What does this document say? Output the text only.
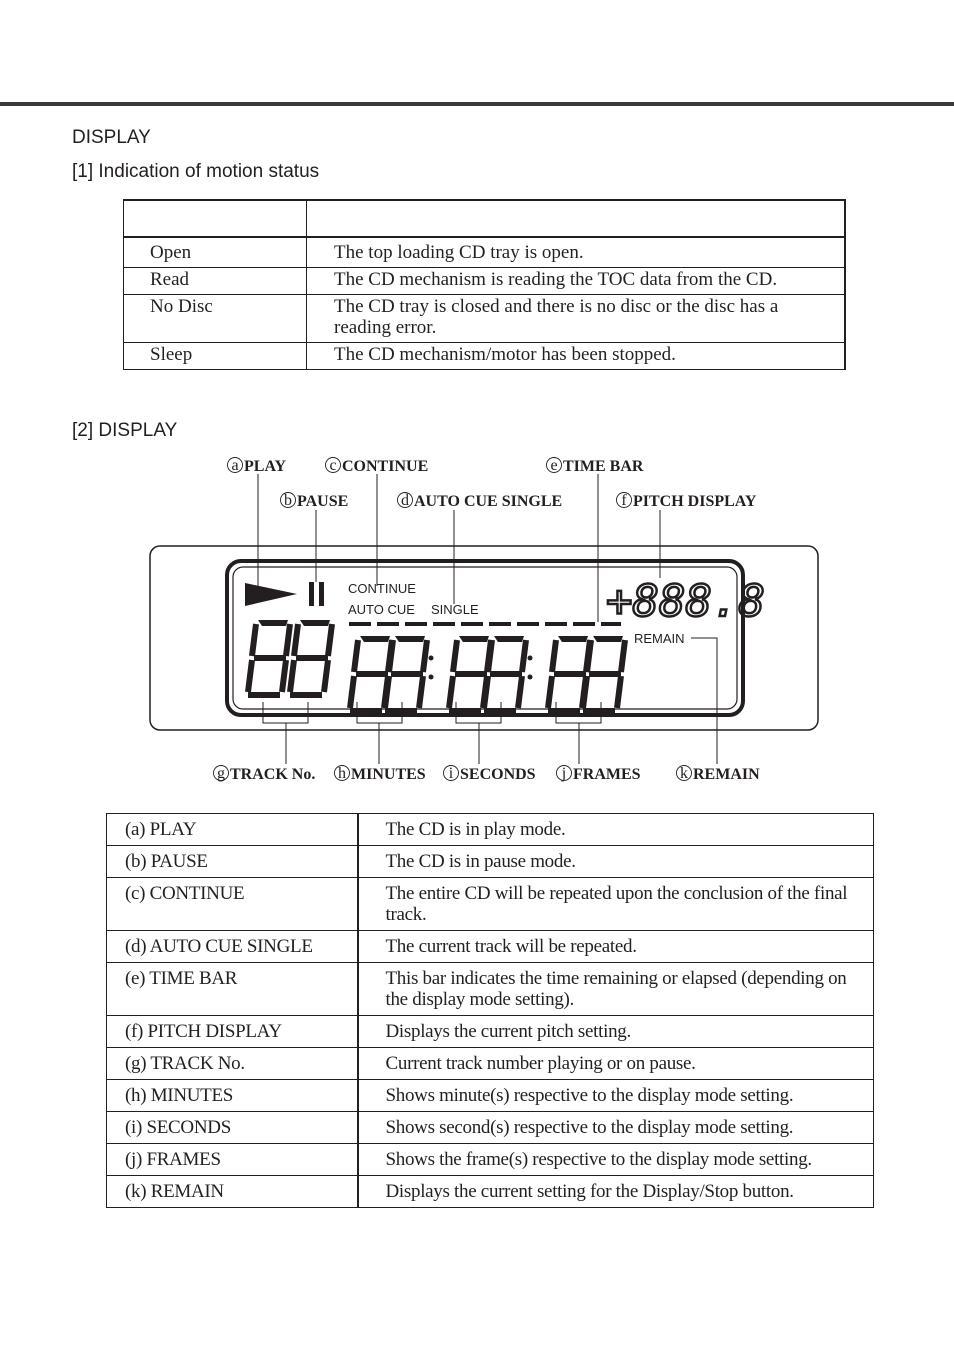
DISPLAY
[1] Indication of motion status

Open	The top loading CD tray is open.
Read	The CD mechanism is reading the TOC data from the CD.
No Disc	The CD tray is closed and there is no disc or the disc has a reading error.
Sleep	The CD mechanism/motor has been stopped.
[2] DISPLAY
CONTINUE
AUTO CUE SINGLE
REMAIN
+888.8
a
b
c
d
e
f
g	h	i	j	k
PLAY
PAUSE
CONTINUE
AUTO CUE SINGLE
TIME BAR
PITCH DISPLAY
TRACK No. MINUTES SECONDS FRAMES	REMAIN
(a) PLAY	The CD is in play mode.
(b) PAUSE	The CD is in pause mode.
(c) CONTINUE	The entire CD will be repeated upon the conclusion of the final track.
(d) AUTO CUE SINGLE	The current track will be repeated.
(e) TIME BAR	This bar indicates the time remaining or elapsed (depending on the display mode setting).
(f) PITCH DISPLAY	Displays the current pitch setting.
(g) TRACK No.	Current track number playing or on pause.
(h) MINUTES	Shows minute(s) respective to the display mode setting.
(i) SECONDS	Shows second(s) respective to the display mode setting.
(j) FRAMES	Shows the frame(s) respective to the display mode setting.
(k) REMAIN	Displays the current setting for the Display/Stop button.
